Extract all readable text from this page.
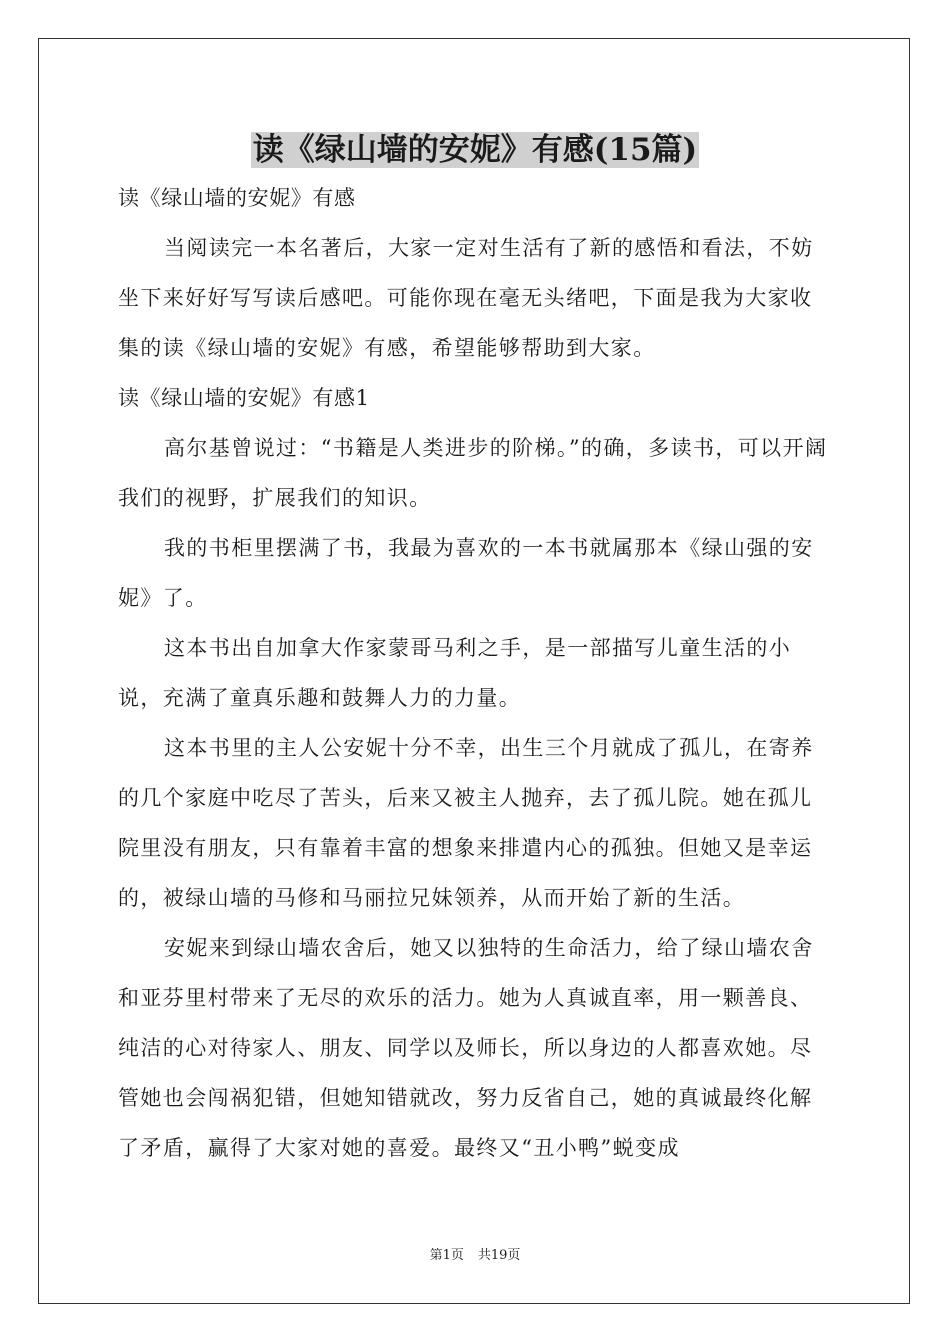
读《绿山墙的安妮》有感(15篇)

读《绿山墙的安妮》有感

当阅读完一本名著后，大家一定对生活有了新的感悟和看法，不妨坐下来好好写写读后感吧。可能你现在毫无头绪吧，下面是我为大家收集的读《绿山墙的安妮》有感，希望能够帮助到大家。

读《绿山墙的安妮》有感1

高尔基曾说过：“书籍是人类进步的阶梯。”的确，多读书，可以开阔我们的视野，扩展我们的知识。

我的书柜里摆满了书，我最为喜欢的一本书就属那本《绿山强的安妮》了。

这本书出自加拿大作家蒙哥马利之手，是一部描写儿童生活的小说，充满了童真乐趣和鼓舞人力的力量。

这本书里的主人公安妮十分不幸，出生三个月就成了孤儿，在寄养的几个家庭中吃尽了苦头，后来又被主人抛弃，去了孤儿院。她在孤儿院里没有朋友，只有靠着丰富的想象来排遣内心的孤独。但她又是幸运的，被绿山墙的马修和马丽拉兄妹领养，从而开始了新的生活。

安妮来到绿山墙农舍后，她又以独特的生命活力，给了绿山墙农舍和亚芬里村带来了无尽的欢乐的活力。她为人真诚直率，用一颗善良、纯洁的心对待家人、朋友、同学以及师长，所以身边的人都喜欢她。尽管她也会闯祸犯错，但她知错就改，努力反省自己，她的真诚最终化解了矛盾，赢得了大家对她的喜爱。最终又“丑小鸭”蜕变成

第1页 共19页
